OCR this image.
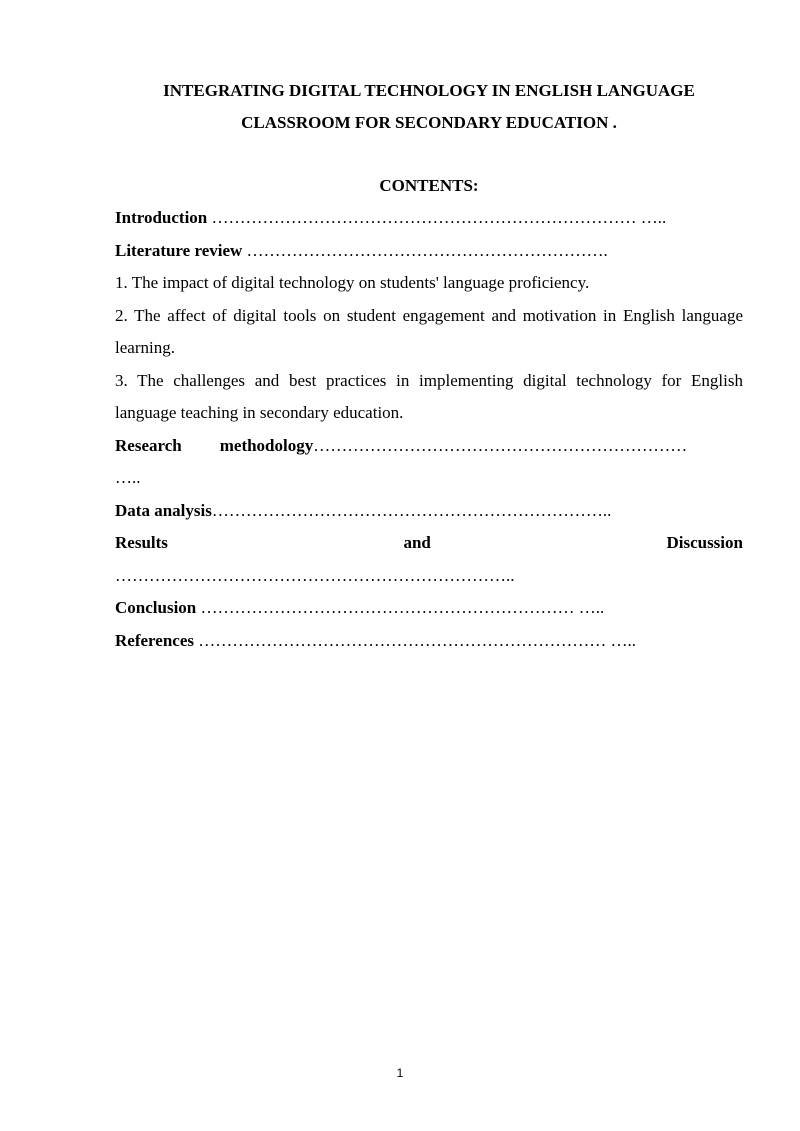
INTEGRATING DIGITAL TECHNOLOGY IN ENGLISH LANGUAGE

CLASSROOM FOR SECONDARY EDUCATION .

CONTENTS:

Introduction ………………………………………………………………… …..

Literature review ……………………………………………………….

1. The impact of digital technology on students' language proficiency.

2. The affect of digital tools on student engagement and motivation in English language learning.

3. The challenges and best practices in implementing digital technology for English language teaching in secondary education.

Research methodology …………………………………………………………
…..

Data analysis……………………………………………………………..

Results	and	Discussion
……………………………………………………………..

Conclusion ………………………………………………………… …..

References ……………………………………………………………… …..

1
